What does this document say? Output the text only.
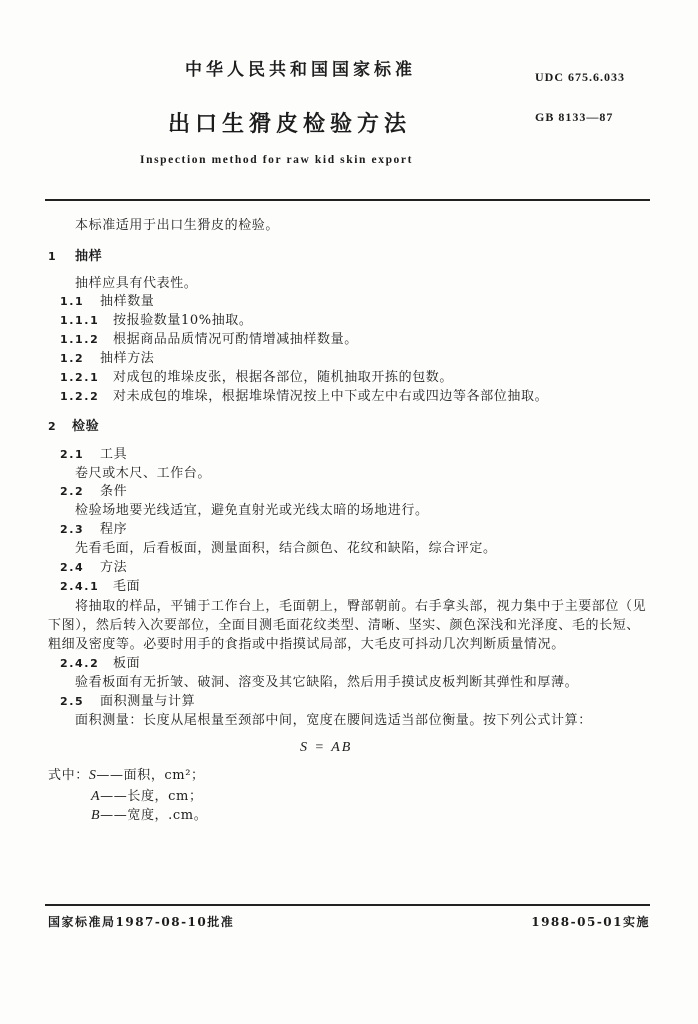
中华人民共和国国家标准	UDC 675.6.033
出口生猾皮检验方法	GB 8133—87
Inspection method for raw kid skin export
本标准适用于出口生猾皮的检验。
1 抽样
抽样应具有代表性。
1.1 抽样数量
1.1.1 按报验数量10%抽取。
1.1.2 根据商品品质情况可酌情增减抽样数量。
1.2 抽样方法
1.2.1 对成包的堆垛皮张，根据各部位，随机抽取开拣的包数。
1.2.2 对未成包的堆垛，根据堆垛情况按上中下或左中右或四边等各部位抽取。
2 检验
2.1 工具
卷尺或木尺、工作台。
2.2 条件
检验场地要光线适宜，避免直射光或光线太暗的场地进行。
2.3 程序
先看毛面，后看板面，测量面积，结合颜色、花纹和缺陷，综合评定。
2.4 方法
2.4.1 毛面
将抽取的样品，平铺于工作台上，毛面朝上，臀部朝前。右手拿头部，视力集中于主要部位（见
下图），然后转入次要部位，全面目测毛面花纹类型、清晰、坚实、颜色深浅和光泽度、毛的长短、
粗细及密度等。必要时用手的食指或中指摸试局部，大毛皮可抖动几次判断质量情况。
2.4.2 板面
验看板面有无折皱、破洞、溶变及其它缺陷，然后用手摸试皮板判断其弹性和厚薄。
2.5 面积测量与计算
面积测量：长度从尾根量至颈部中间，宽度在腰间选适当部位衡量。按下列公式计算：
S = AB
式中：S——面积，cm²；
A——长度，cm；
B——宽度，.cm。
国家标准局1987-08-10批准	1988-05-01实施
